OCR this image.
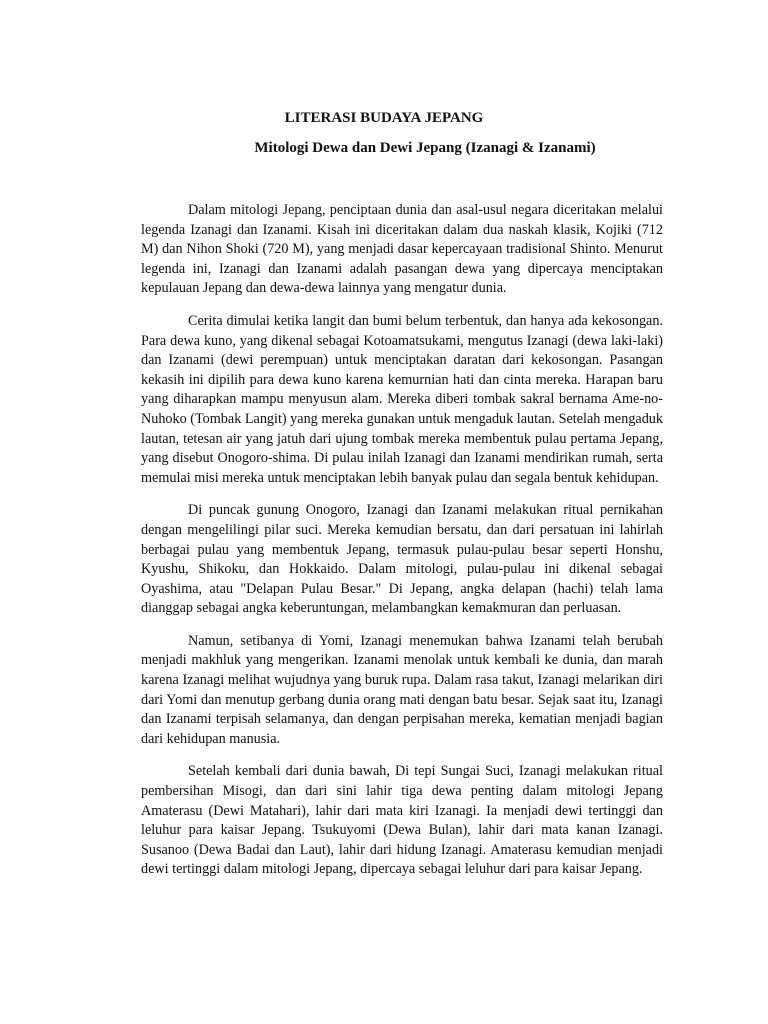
LITERASI BUDAYA JEPANG
Mitologi Dewa dan Dewi Jepang (Izanagi & Izanami)

Dalam mitologi Jepang, penciptaan dunia dan asal-usul negara diceritakan melalui legenda Izanagi dan Izanami. Kisah ini diceritakan dalam dua naskah klasik, Kojiki (712 M) dan Nihon Shoki (720 M), yang menjadi dasar kepercayaan tradisional Shinto. Menurut legenda ini, Izanagi dan Izanami adalah pasangan dewa yang dipercaya menciptakan kepulauan Jepang dan dewa-dewa lainnya yang mengatur dunia.

Cerita dimulai ketika langit dan bumi belum terbentuk, dan hanya ada kekosongan. Para dewa kuno, yang dikenal sebagai Kotoamatsukami, mengutus Izanagi (dewa laki-laki) dan Izanami (dewi perempuan) untuk menciptakan daratan dari kekosongan. Pasangan kekasih ini dipilih para dewa kuno karena kemurnian hati dan cinta mereka. Harapan baru yang diharapkan mampu menyusun alam. Mereka diberi tombak sakral bernama Ame-no-Nuhoko (Tombak Langit) yang mereka gunakan untuk mengaduk lautan. Setelah mengaduk lautan, tetesan air yang jatuh dari ujung tombak mereka membentuk pulau pertama Jepang, yang disebut Onogoro-shima. Di pulau inilah Izanagi dan Izanami mendirikan rumah, serta memulai misi mereka untuk menciptakan lebih banyak pulau dan segala bentuk kehidupan.

Di puncak gunung Onogoro, Izanagi dan Izanami melakukan ritual pernikahan dengan mengelilingi pilar suci. Mereka kemudian bersatu, dan dari persatuan ini lahirlah berbagai pulau yang membentuk Jepang, termasuk pulau-pulau besar seperti Honshu, Kyushu, Shikoku, dan Hokkaido. Dalam mitologi, pulau-pulau ini dikenal sebagai Oyashima, atau "Delapan Pulau Besar." Di Jepang, angka delapan (hachi) telah lama dianggap sebagai angka keberuntungan, melambangkan kemakmuran dan perluasan.

Namun, setibanya di Yomi, Izanagi menemukan bahwa Izanami telah berubah menjadi makhluk yang mengerikan. Izanami menolak untuk kembali ke dunia, dan marah karena Izanagi melihat wujudnya yang buruk rupa. Dalam rasa takut, Izanagi melarikan diri dari Yomi dan menutup gerbang dunia orang mati dengan batu besar. Sejak saat itu, Izanagi dan Izanami terpisah selamanya, dan dengan perpisahan mereka, kematian menjadi bagian dari kehidupan manusia.

Setelah kembali dari dunia bawah, Di tepi Sungai Suci, Izanagi melakukan ritual pembersihan Misogi, dan dari sini lahir tiga dewa penting dalam mitologi Jepang Amaterasu (Dewi Matahari), lahir dari mata kiri Izanagi. Ia menjadi dewi tertinggi dan leluhur para kaisar Jepang. Tsukuyomi (Dewa Bulan), lahir dari mata kanan Izanagi. Susanoo (Dewa Badai dan Laut), lahir dari hidung Izanagi. Amaterasu kemudian menjadi dewi tertinggi dalam mitologi Jepang, dipercaya sebagai leluhur dari para kaisar Jepang.
